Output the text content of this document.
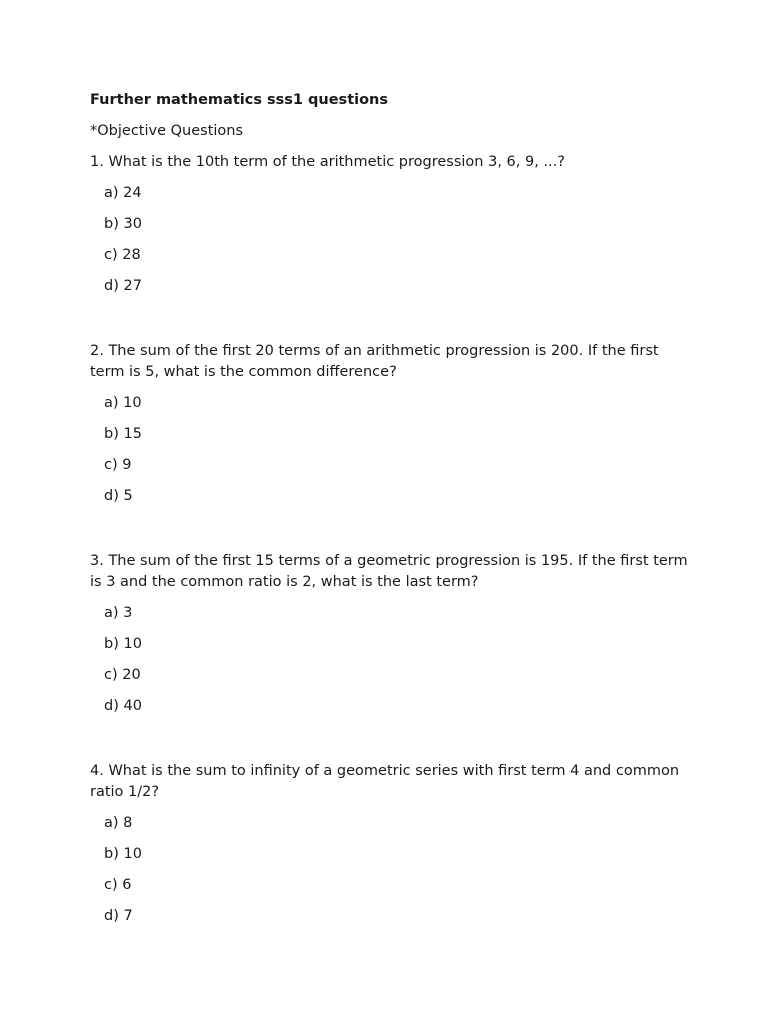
Further mathematics sss1 questions
*Objective Questions
1. What is the 10th term of the arithmetic progression 3, 6, 9, ...?
a) 24
b) 30
c) 28
d) 27
2. The sum of the first 20 terms of an arithmetic progression is 200. If the first term is 5, what is the common difference?
a) 10
b) 15
c) 9
d) 5
3. The sum of the first 15 terms of a geometric progression is 195. If the first term is 3 and the common ratio is 2, what is the last term?
a) 3
b) 10
c) 20
d) 40
4. What is the sum to infinity of a geometric series with first term 4 and common ratio 1/2?
a) 8
b) 10
c) 6
d) 7
